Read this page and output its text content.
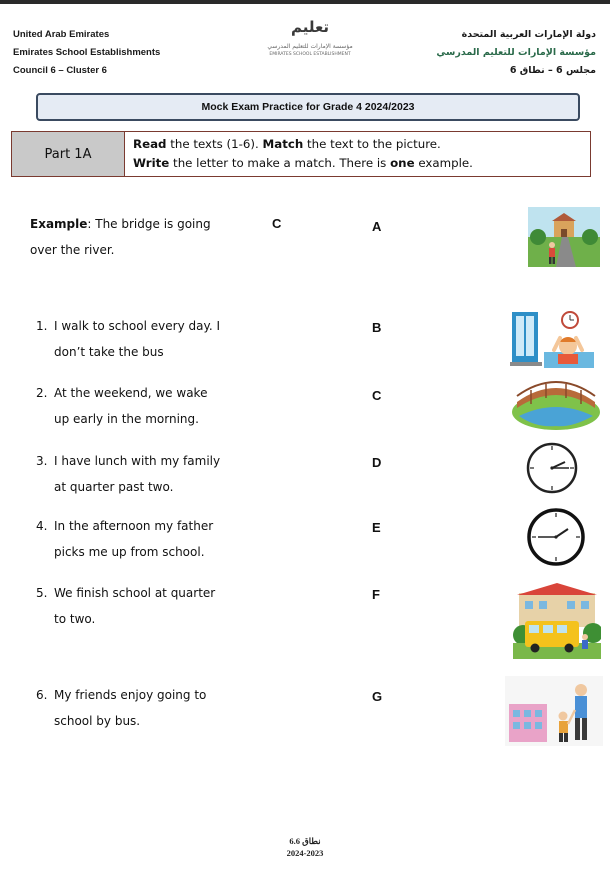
United Arab Emirates
Emirates School Establishments
Council 6 – Cluster 6
تعليم
مؤسسة الإمارات للتعليم المدرسي
EMIRATES SCHOOL ESTABLISHMENT
دولة الإمارات العربية المتحدة
مؤسسة الإمارات للتعليم المدرسي
مجلس 6 – نطاق 6
Mock Exam Practice for Grade 4 2024/2023
Part 1A
Read the texts (1-6). Match the text to the picture.
Write the letter to make a match. There is one example.
Example: The bridge is going
over the river.
C
1. I walk to school every day. I
don’t take the bus
2. At the weekend, we wake
up early in the morning.
3. I have lunch with my family
at quarter past two.
4. In the afternoon my father
picks me up from school.
5. We finish school at quarter
to two.
6. My friends enjoy going to
school by bus.
A
B
C
D
E
F
G
نطاق 6.6
2024-2023
